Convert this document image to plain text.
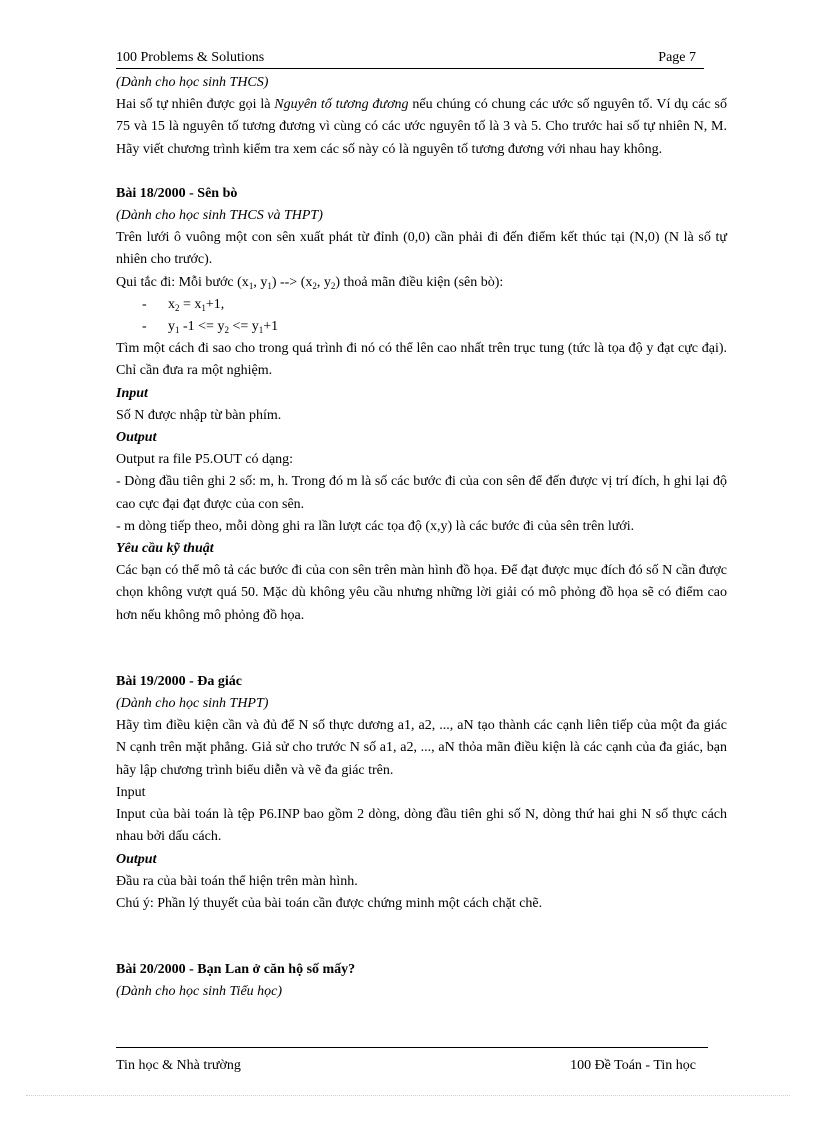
100 Problems & Solutions	Page 7

(Dành cho học sinh THCS)

Hai số tự nhiên được gọi là Nguyên tố tương đương nếu chúng có chung các ước số nguyên tố. Ví dụ các số 75 và 15 là nguyên tố tương đương vì cùng có các ước nguyên tố là 3 và 5. Cho trước hai số tự nhiên N, M. Hãy viết chương trình kiểm tra xem các số này có là nguyên tố tương đương với nhau hay không.

Bài 18/2000 - Sên bò

(Dành cho học sinh THCS và THPT)

Trên lưới ô vuông một con sên xuất phát từ đỉnh (0,0) cần phải đi đến điểm kết thúc tại (N,0) (N là số tự nhiên cho trước).

Qui tắc đi: Mỗi bước ($x_1$, $y_1$) --> ($x_2$, $y_2$) thoả mãn điều kiện (sên bò):

-	$x_2 = x_1+1$,
-	$y_1$ $-1 <= y_2 <= y_1+1$

Tìm một cách đi sao cho trong quá trình đi nó có thể lên cao nhất trên trục tung (tức là tọa độ y đạt cực đại). Chỉ cần đưa ra một nghiệm.

Input

Số N được nhập từ bàn phím.

Output

Output ra file P5.OUT có dạng:

- Dòng đầu tiên ghi 2 số: m, h. Trong đó m là số các bước đi của con sên để đến được vị trí đích, h ghi lại độ cao cực đại đạt được của con sên.

- m dòng tiếp theo, mỗi dòng ghi ra lần lượt các tọa độ (x,y) là các bước đi của sên trên lưới.

Yêu cầu kỹ thuật

Các bạn có thể mô tả các bước đi của con sên trên màn hình đồ họa. Để đạt được mục đích đó số N cần được chọn không vượt quá 50. Mặc dù không yêu cầu nhưng những lời giải có mô phỏng đồ họa sẽ có điểm cao hơn nếu không mô phỏng đồ họa.

Bài 19/2000 - Đa giác

(Dành cho học sinh THPT)

Hãy tìm điều kiện cần và đủ để N số thực dương a1, a2, ..., aN tạo thành các cạnh liên tiếp của một đa giác N cạnh trên mặt phẳng. Giả sử cho trước N số a1, a2, ..., aN thỏa mãn điều kiện là các cạnh của đa giác, bạn hãy lập chương trình biểu diễn và vẽ đa giác trên.

Input

Input của bài toán là tệp P6.INP bao gồm 2 dòng, dòng đầu tiên ghi số N, dòng thứ hai ghi N số thực cách nhau bởi dấu cách.

Output

Đầu ra của bài toán thể hiện trên màn hình.

Chú ý: Phần lý thuyết của bài toán cần được chứng minh một cách chặt chẽ.

Bài 20/2000 - Bạn Lan ở căn hộ số mấy?

(Dành cho học sinh Tiểu học)

Tin học & Nhà trường	100 Đề Toán - Tin học
